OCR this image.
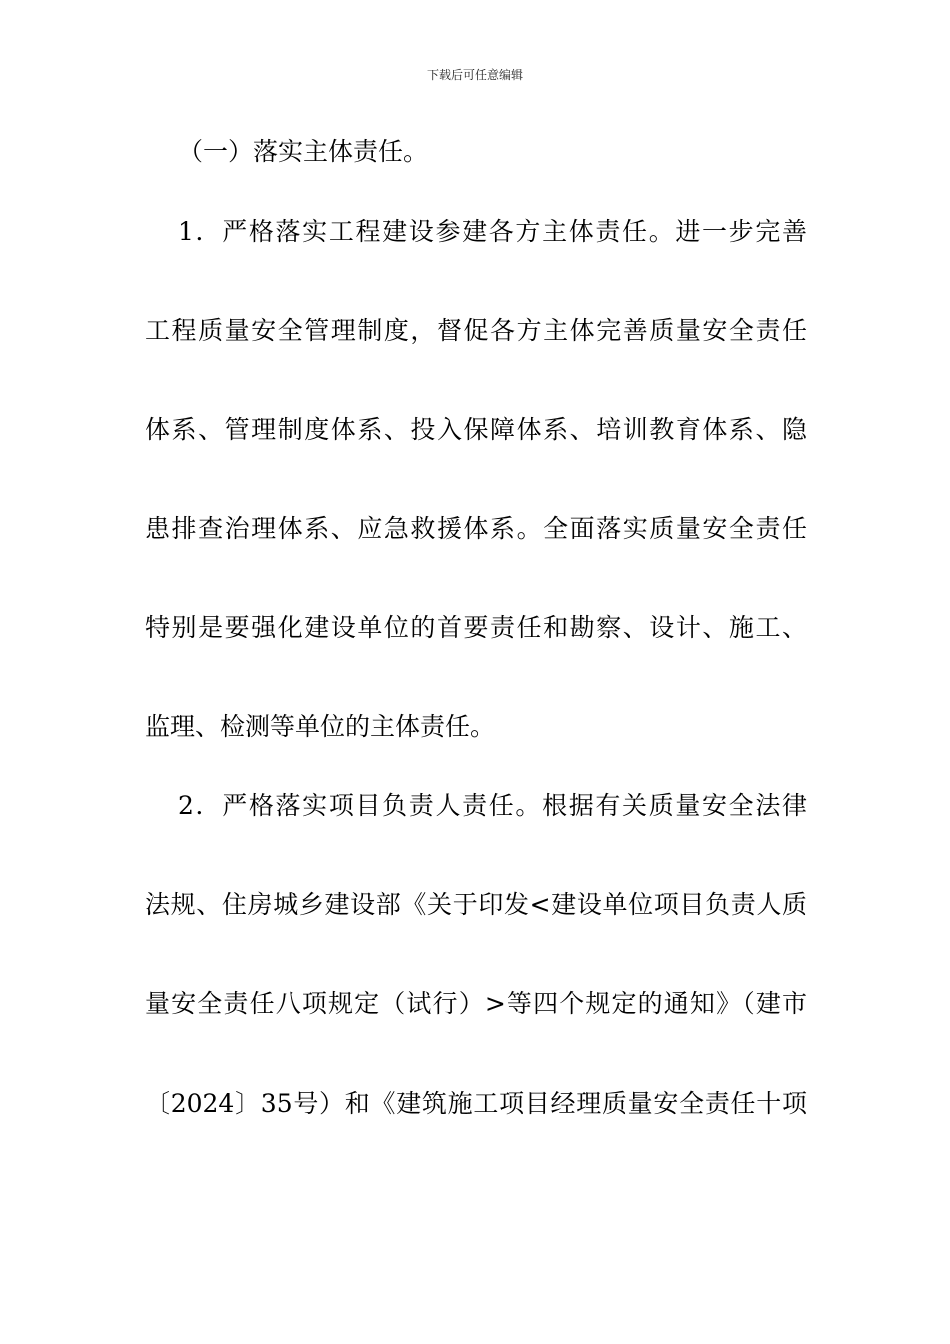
下载后可任意编辑
（一）落实主体责任。
1．严格落实工程建设参建各方主体责任。进一步完善
工程质量安全管理制度，督促各方主体完善质量安全责任
体系、管理制度体系、投入保障体系、培训教育体系、隐
患排查治理体系、应急救援体系。全面落实质量安全责任
特别是要强化建设单位的首要责任和勘察、设计、施工、
监理、检测等单位的主体责任。
2．严格落实项目负责人责任。根据有关质量安全法律
法规、住房城乡建设部《关于印发<建设单位项目负责人质
量安全责任八项规定（试行）>等四个规定的通知》（建市
〔2024〕35号）和《建筑施工项目经理质量安全责任十项
